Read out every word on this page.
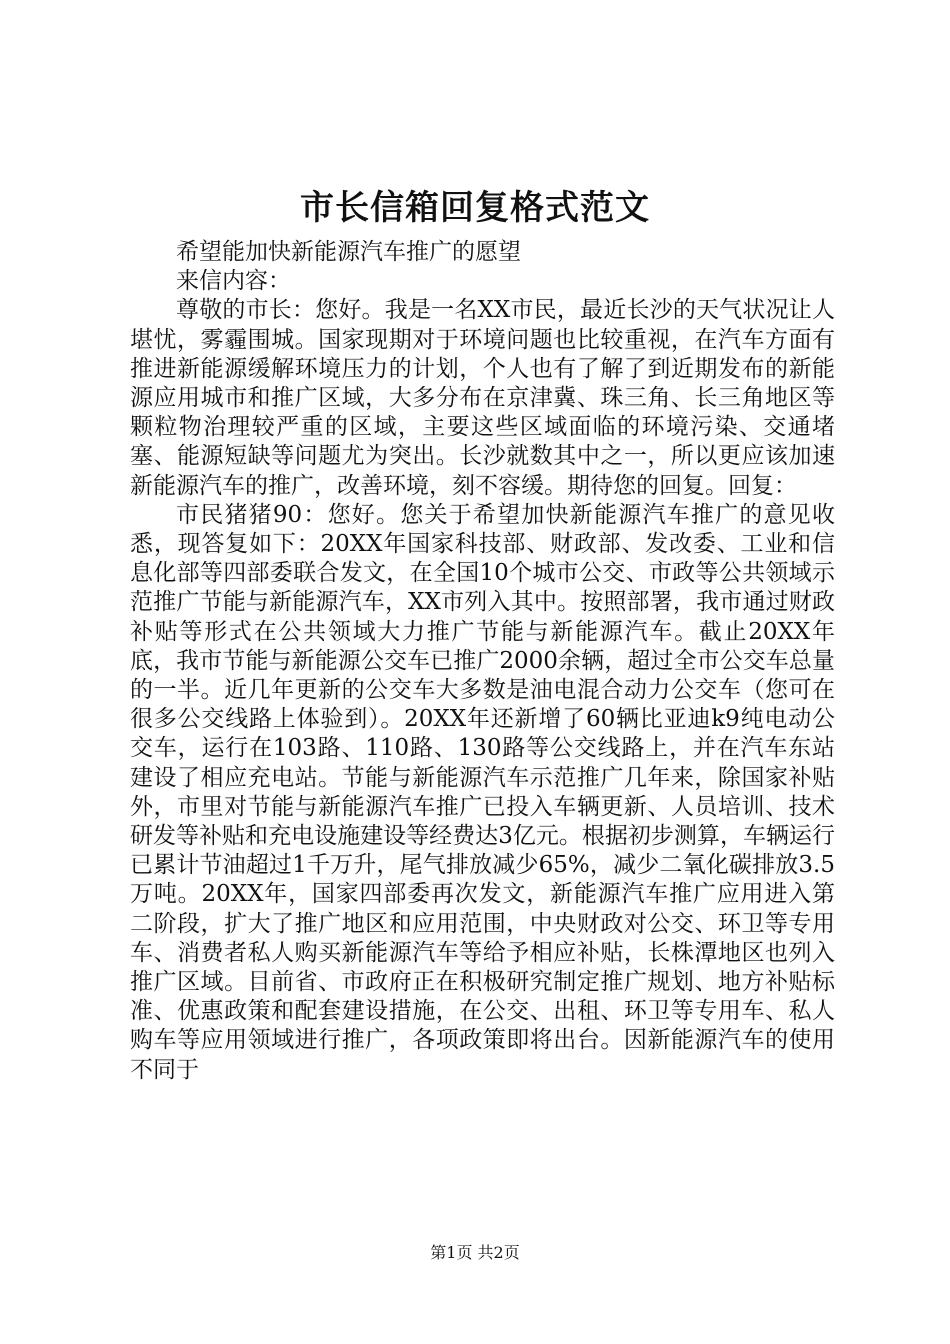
市长信箱回复格式范文

希望能加快新能源汽车推广的愿望

来信内容：

尊敬的市长：您好。我是一名XX市民，最近长沙的天气状况让人堪忧，雾霾围城。国家现期对于环境问题也比较重视，在汽车方面有推进新能源缓解环境压力的计划，个人也有了解了到近期发布的新能源应用城市和推广区域，大多分布在京津冀、珠三角、长三角地区等颗粒物治理较严重的区域，主要这些区域面临的环境污染、交通堵塞、能源短缺等问题尤为突出。长沙就数其中之一，所以更应该加速新能源汽车的推广，改善环境，刻不容缓。期待您的回复。回复：

市民猪猪90：您好。您关于希望加快新能源汽车推广的意见收悉，现答复如下：20XX年国家科技部、财政部、发改委、工业和信息化部等四部委联合发文，在全国10个城市公交、市政等公共领域示范推广节能与新能源汽车，XX市列入其中。按照部署，我市通过财政补贴等形式在公共领域大力推广节能与新能源汽车。截止20XX年底，我市节能与新能源公交车已推广2000余辆，超过全市公交车总量的一半。近几年更新的公交车大多数是油电混合动力公交车（您可在很多公交线路上体验到）。20XX年还新增了60辆比亚迪k9纯电动公交车，运行在103路、110路、130路等公交线路上，并在汽车东站建设了相应充电站。节能与新能源汽车示范推广几年来，除国家补贴外，市里对节能与新能源汽车推广已投入车辆更新、人员培训、技术研发等补贴和充电设施建设等经费达3亿元。根据初步测算，车辆运行已累计节油超过1千万升，尾气排放减少65%，减少二氧化碳排放3.5万吨。20XX年，国家四部委再次发文，新能源汽车推广应用进入第二阶段，扩大了推广地区和应用范围，中央财政对公交、环卫等专用车、消费者私人购买新能源汽车等给予相应补贴，长株潭地区也列入推广区域。目前省、市政府正在积极研究制定推广规划、地方补贴标准、优惠政策和配套建设措施，在公交、出租、环卫等专用车、私人购车等应用领域进行推广，各项政策即将出台。因新能源汽车的使用不同于

第1页 共2页
